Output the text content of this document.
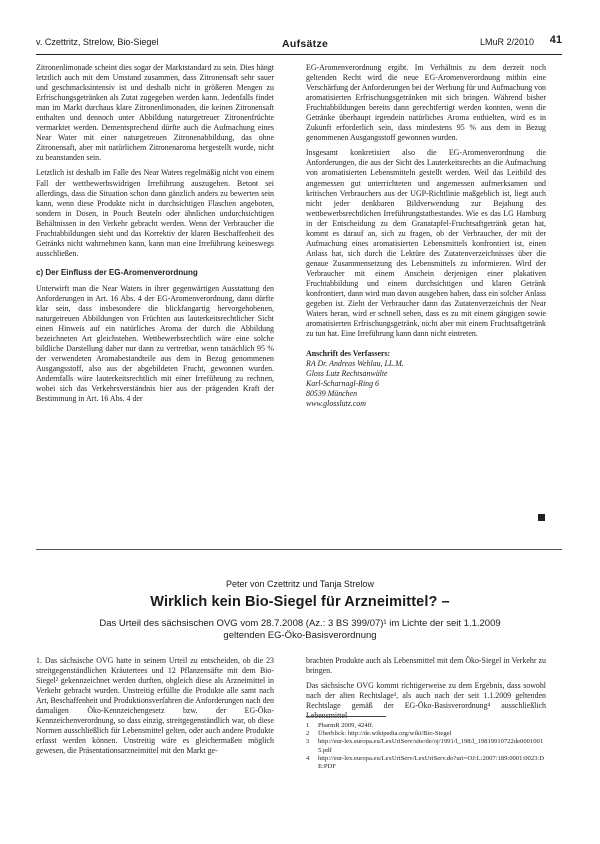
v. Czettritz, Strelow, Bio-Siegel	Aufsätze	LMuR 2/2010 41

Zitronenlimonade scheint dies sogar der Marktstandard zu sein. Dies hängt letztlich auch mit dem Umstand zusammen, dass Zitronensaft sehr sauer und geschmacksintensiv ist und deshalb nicht in größeren Mengen zu Erfrischungsgetränken als Zutat zugegeben werden kann. Jedenfalls findet man im Markt durchaus klare Zitronenlimonaden, die keinen Zitronensaft enthalten und dennoch unter Abbildung naturgetreuer Zitronenfrüchte vermarktet werden. Dementsprechend dürfte auch die Aufmachung eines Near Water mit einer naturgetreuen Zitronenabbildung, das ohne Zitronensaft, aber mit natürlichem Zitronenaroma hergestellt wurde, nicht zu beanstanden sein.

Letztlich ist deshalb im Falle des Near Waters regelmäßig nicht von einem Fall der wettbewerbswidrigen Irreführung auszugehen. Betont sei allerdings, dass die Situation schon dann gänzlich anders zu bewerten sein kann, wenn diese Produkte nicht in durchsichtigen Flaschen angeboten, sondern in Dosen, in Pouch Beuteln oder ähnlichen undurchsichtigen Behältnissen in den Verkehr gebracht werden. Wenn der Verbraucher die Fruchtabbildungen sieht und das Korrektiv der klaren Beschaffenheit des Getränks nicht wahrnehmen kann, kann man eine Irreführung keineswegs ausschließen.

c) Der Einfluss der EG-Aromenverordnung

Unterwirft man die Near Waters in ihrer gegenwärtigen Ausstattung den Anforderungen in Art. 16 Abs. 4 der EG-Aromenverordnung, dann dürfte klar sein, dass insbesondere die blickfangartig hervorgehobenen, naturgetreuen Abbildungen von Früchten aus lauterkeitsrechtlicher Sicht einen Hinweis auf ein natürliches Aroma der durch die Abbildung bezeichneten Art gleichstehen. Wettbewerbsrechtlich wäre eine solche bildliche Darstellung daher nur dann zu vertretbar, wenn tatsächlich 95 % der verwendeten Aromabestandteile aus dem in Bezug genommenen Ausgangsstoff, also aus der abgebildeten Frucht, gewonnen wurden. Andernfalls wäre lauterkeitsrechtlich mit einer Irreführung zu rechnen, wobei sich das Verkehrsverständnis hier aus der prägenden Kraft der Bestimmung in Art. 16 Abs. 4 der

EG-Aromenverordnung ergibt. Im Verhältnis zu dem derzeit noch geltenden Recht wird die neue EG-Aromenverordnung mithin eine Verschärfung der Anforderungen bei der Werbung für und Aufmachung von aromatisierten Erfrischungsgetränken mit sich bringen. Während bisher Fruchtabbildungen bereits dann gerechtfertigt werden konnten, wenn die Getränke überhaupt irgendein natürliches Aroma enthielten, wird es in Zukunft erforderlich sein, dass mindestens 95 % aus dem in Bezug genommenen Ausgangsstoff gewonnen wurden.

Insgesamt konkretisiert also die EG-Aromenverordnung die Anforderungen, die aus der Sicht des Lauterkeitsrechts an die Aufmachung von aromatisierten Lebensmitteln gestellt werden. Weil das Leitbild des angemessen gut unterrichteten und angemessen aufmerksamen und kritischen Verbrauchers aus der UGP-Richtlinie maßgeblich ist, liegt auch nicht jeder denkbaren Bildverwendung zur Bejahung des wettbewerbsrechtlichen Irreführungstatbestandes. Wie es das LG Hamburg in der Entscheidung zu dem Granatapfel-Fruchtsaftgetränk getan hat, kommt es darauf an, sich zu fragen, ob der Verbraucher, der mit der Aufmachung eines aromatisierten Lebensmittels konfrontiert ist, einen Anlass hat, sich durch die Lektüre des Zutatenverzeichnisses über die genaue Zusammensetzung des Lebensmittels zu informieren. Wird der Verbraucher mit einem Anschein derjenigen einer plakativen Fruchtabbildung und einem durchsichtigen und klaren Getränk konfrontiert, dann wird man davon ausgehen haben, dass ein solcher Anlass gegeben ist. Zieht der Verbraucher dann das Zutatenverzeichnis der Near Waters heran, wird er schnell sehen, dass es zu mit einem gängigen sowie aromatisierten Erfrischungsgetränk, nicht aber mit einem Fruchtsaftgetränk zu tun hat. Eine Irreführung kann dann nicht eintreten.

Anschrift des Verfassers:

RA Dr. Andreas Wehlau, LL.M.
Gloss Lutz Rechtsanwälte
Karl-Scharnagl-Ring 6
80539 München
www.glosslutz.com
Peter von Czettritz und Tanja Strelow
Wirklich kein Bio-Siegel für Arzneimittel? –
Das Urteil des sächsischen OVG vom 28.7.2008 (Az.: 3 BS 399/07)¹ im Lichte der seit 1.1.2009
geltenden EG-Öko-Basisverordnung

1. Das sächsische OVG hatte in seinem Urteil zu entscheiden, ob die 23 streitgegenständlichen Kräutertees und 12 Pflanzensäfte mit dem Bio-Siegel² gekennzeichnet werden durften, obgleich diese als Arzneimittel in Verkehr gebracht wurden. Unstreitig erfüllte die Produkte alle samt nach Art, Beschaffenheit und Produktionsverfahren die Anforderungen nach den damaligen Öko-Kennzeichengesetz bzw. der EG-Öko-Kennzeichenverordnung, so dass einzig, streitgegenständlich war, ob diese Normen ausschließlich für Lebensmittel gelten, oder auch andere Produkte erfasst werden können. Unstreitig wäre es gleichermaßen möglich gewesen, die Präsentationsarzneimittel mit den Markt ge-

brachten Produkte auch als Lebensmittel mit dem Öko-Siegel in Verkehr zu bringen.

Das sächsische OVG kommt richtigerweise zu dem Ergebnis, dass sowohl nach der alten Rechtslage³, als auch nach der seit 1.1.2009 geltenden Rechtslage gemäß der EG-Öko-Basisverordnung⁴ ausschließlich Lebensmittel

1	PharmR 2009, 424ff.
2	Überblick: http://de.wikipedia.org/wiki/Bio-Siegel
3	http://eur-lex.europa.eu/LexUriServ/site/de/oj/1991/l_198/l_19819910722de00010015.pdf
4	http://eur-lex.europa.eu/LexUriServ/LexUriServ.do?uri=OJ:L:2007:189:0001:0023:DE:PDF
